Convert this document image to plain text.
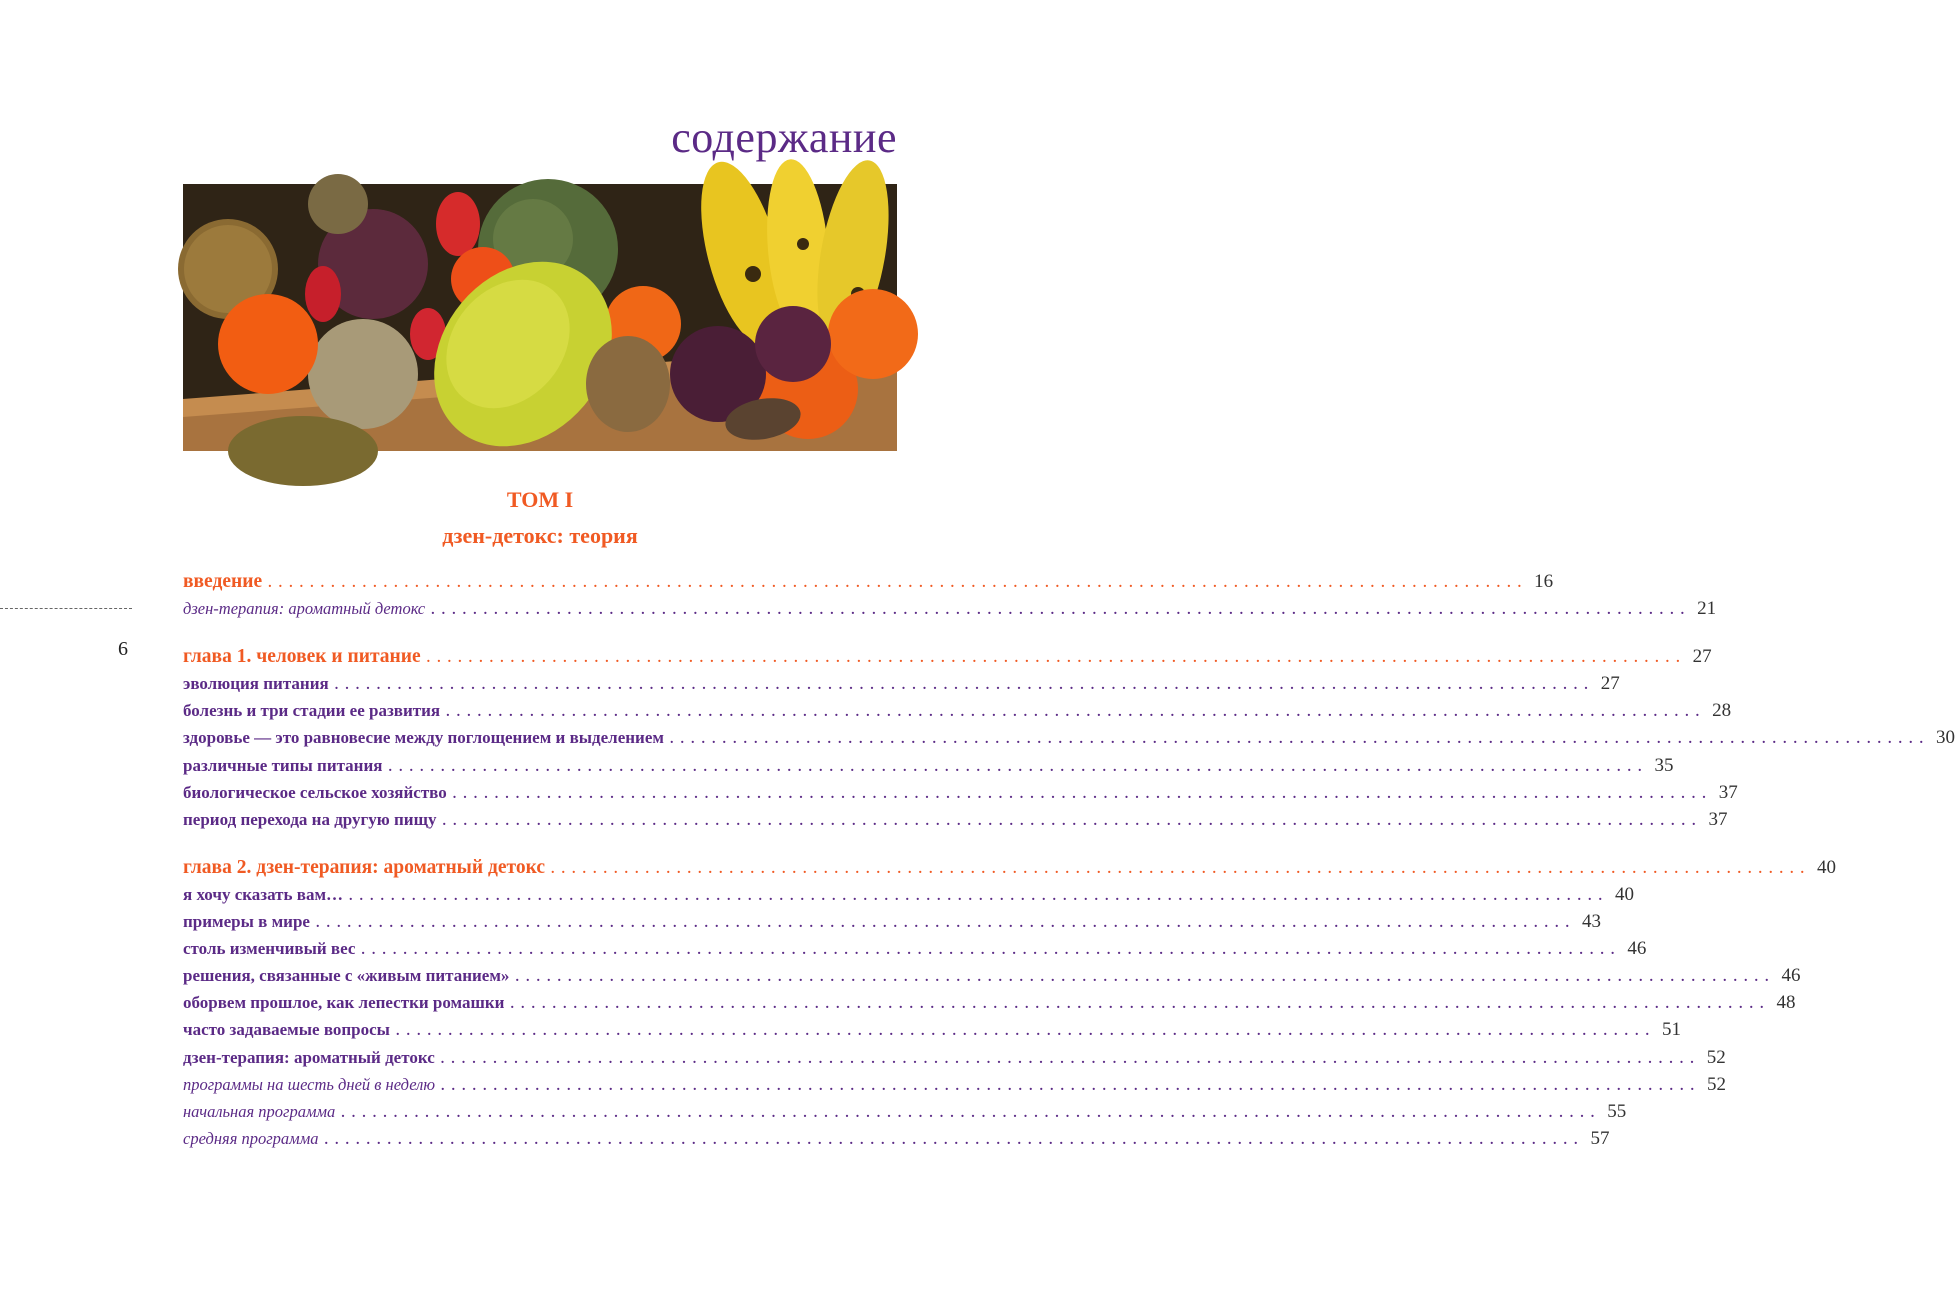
содержание
ТОМ I
дзен-детокс: теория
6
введение ........................................................................................................................ 16
дзен-терапия: ароматный детокс ........................................................................................................................ 21
глава 1. человек и питание ........................................................................................................................ 27
эволюция питания ........................................................................................................................ 27
болезнь и три стадии ее развития ........................................................................................................................ 28
здоровье — это равновесие между поглощением и выделением ........................................................................................................................ 30
различные типы питания ........................................................................................................................ 35
биологическое сельское хозяйство ........................................................................................................................ 37
период перехода на другую пищу ........................................................................................................................ 37
глава 2. дзен-терапия: ароматный детокс ........................................................................................................................ 40
я хочу сказать вам… ........................................................................................................................ 40
примеры в мире ........................................................................................................................ 43
столь изменчивый вес ........................................................................................................................ 46
решения, связанные с «живым питанием» ........................................................................................................................ 46
оборвем прошлое, как лепестки ромашки ........................................................................................................................ 48
часто задаваемые вопросы ........................................................................................................................ 51
дзен-терапия: ароматный детокс ........................................................................................................................ 52
программы на шесть дней в неделю ........................................................................................................................ 52
начальная программа ........................................................................................................................ 55
средняя программа ........................................................................................................................ 57
